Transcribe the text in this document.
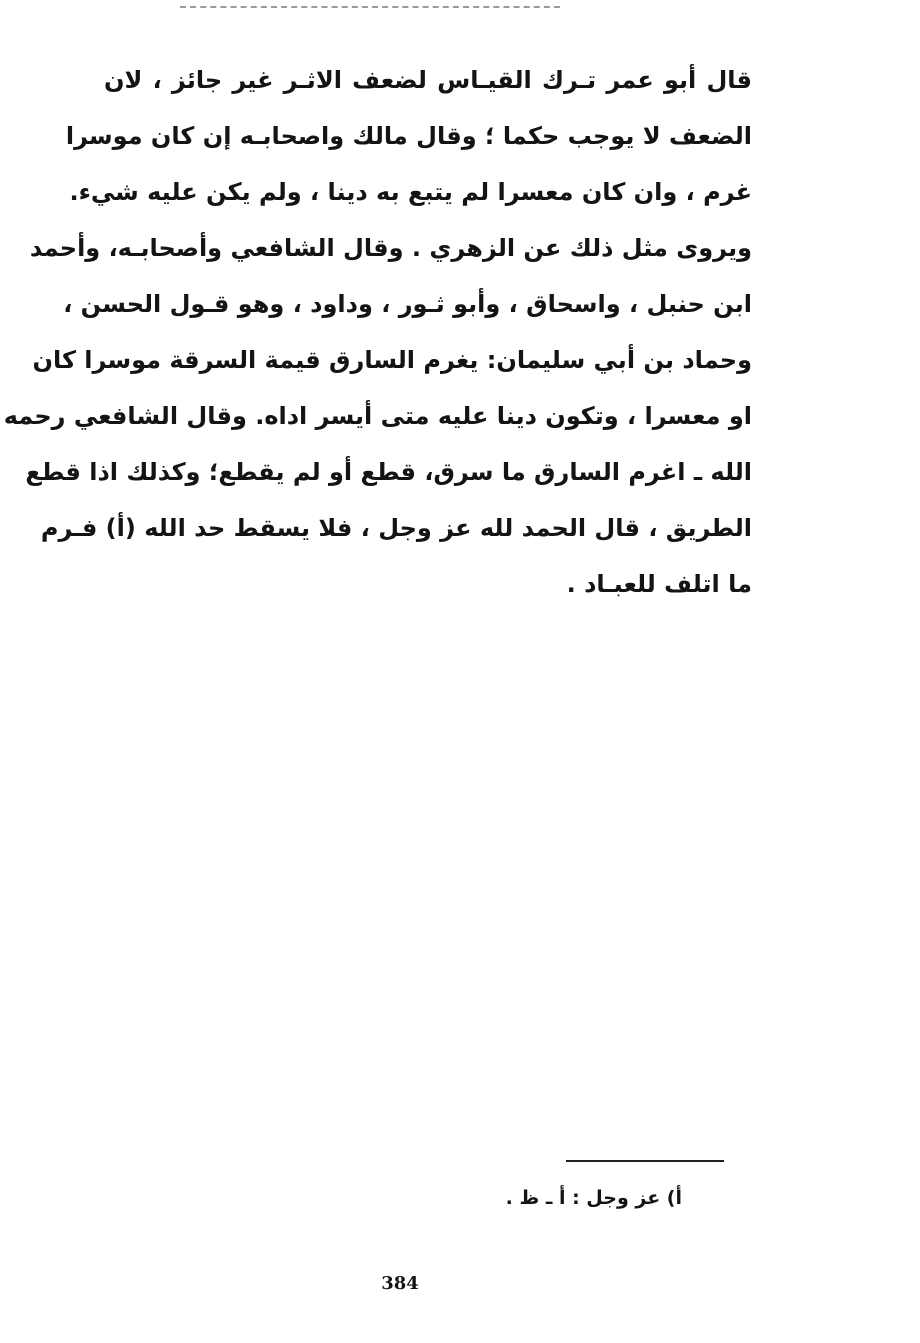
قال أبو عمر تـرك القيـاس لضعف الاثـر غير جائز ، لان
الضعف لا يوجب حكما ؛ وقال مالك واصحابـه إن كان موسرا
غرم ، وان كان معسرا لم يتبع به دينا ، ولم يكن عليه شيء.
ويروى مثل ذلك عن الزهري . وقال الشافعي وأصحابـه، وأحمد
ابن حنبل ، واسحاق ، وأبو ثـور ، وداود ، وهو قـول الحسن ،
وحماد بن أبي سليمان: يغرم السارق قيمة السرقة موسرا كان
او معسرا ، وتكون دينا عليه متى أيسر اداه. وقال الشافعي رحمه
الله ـ اغرم السارق ما سرق، قطع أو لم يقطع؛ وكذلك اذا قطع
الطريق ، قال الحمد لله عز وجل ، فلا يسقط حد الله (أ) فـرم
ما اتلف للعبـاد .
أ) عز وجل : أ ـ ظ .
384
